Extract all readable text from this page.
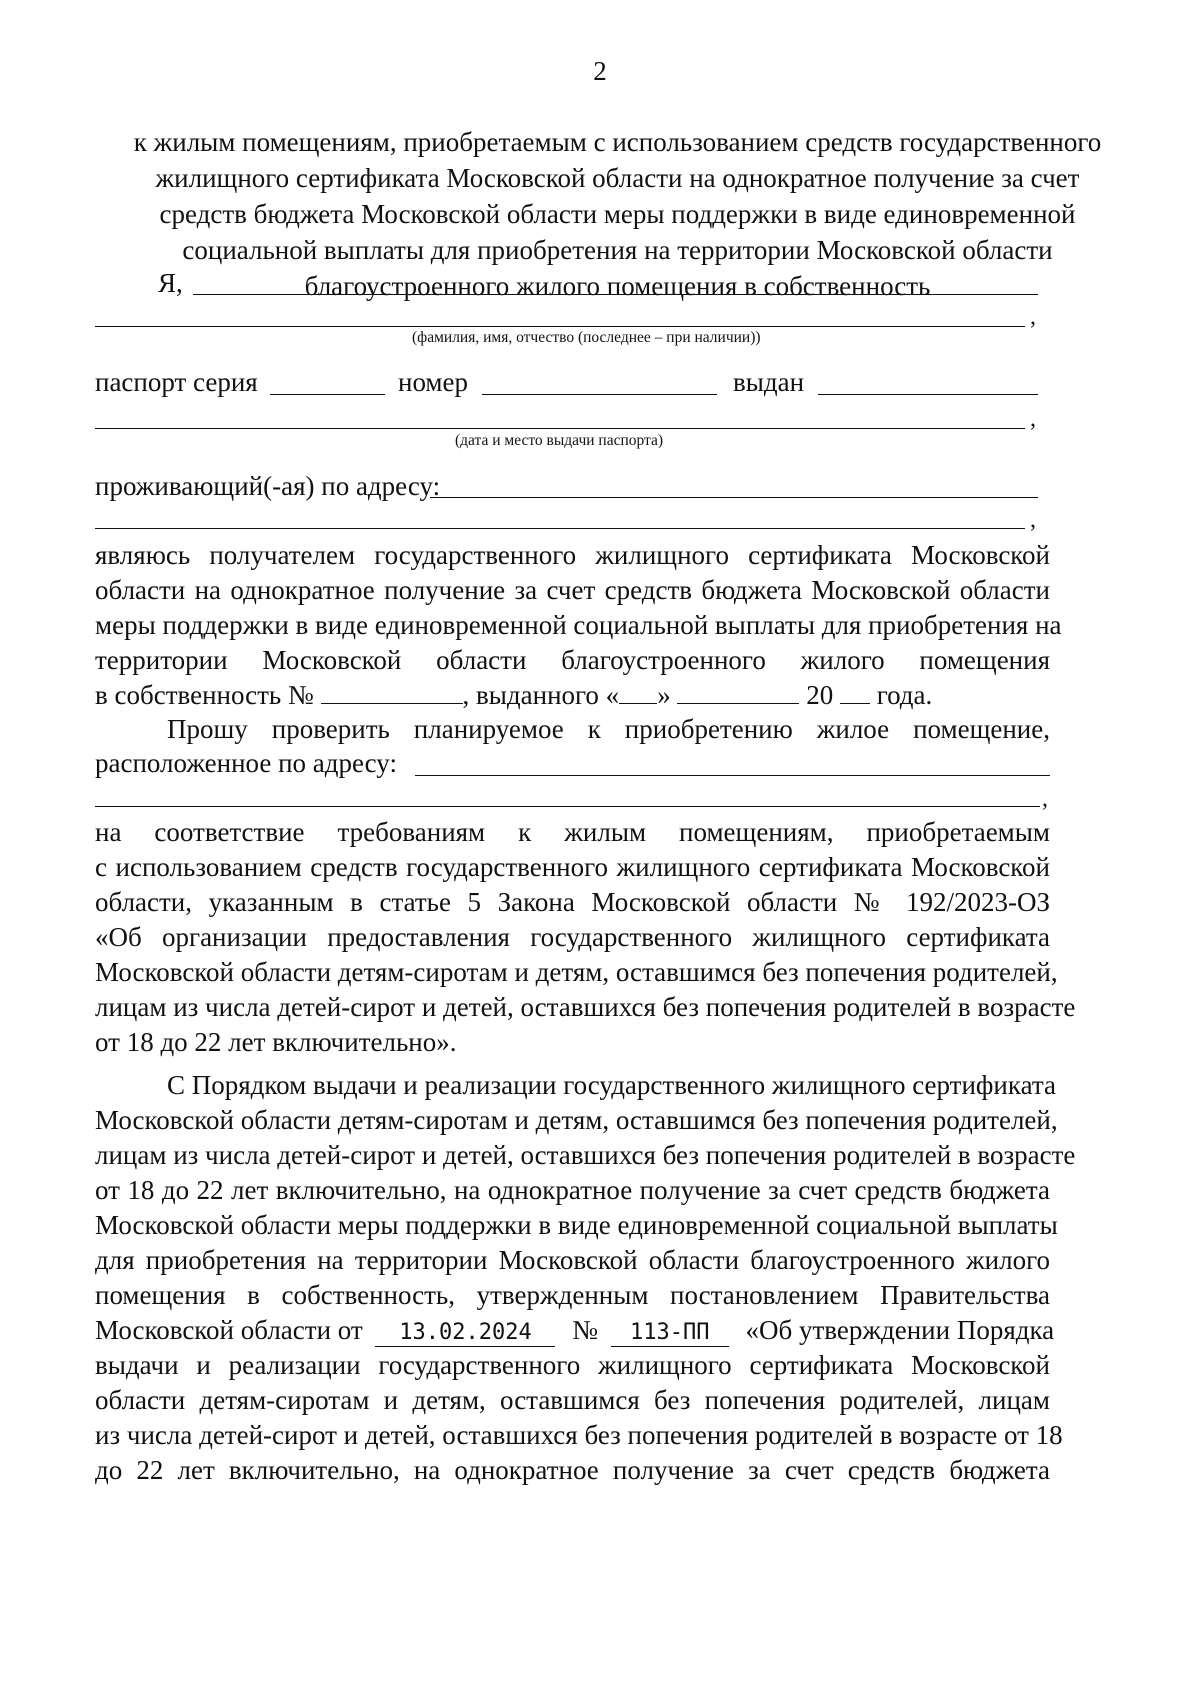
2
к жилым помещениям, приобретаемым с использованием средств государственного
жилищного сертификата Московской области на однократное получение за счет
средств бюджета Московской области меры поддержки в виде единовременной
социальной выплаты для приобретения на территории Московской области
благоустроенного жилого помещения в собственность
Я,
,
(фамилия, имя, отчество (последнее – при наличии))
паспорт серия	номер	выдан
,
(дата и место выдачи паспорта)
проживающий(-ая) по адресу:
,
являюсь получателем государственного жилищного сертификата Московской
области на однократное получение за счет средств бюджета Московской области
меры поддержки в виде единовременной социальной выплаты для приобретения на
территории Московской области благоустроенного жилого помещения
в собственность №	, выданного « »	20 года.
Прошу проверить планируемое к приобретению жилое помещение,
расположенное по адресу:
,
на соответствие требованиям к жилым помещениям, приобретаемым
с использованием средств государственного жилищного сертификата Московской
области, указанным в статье 5 Закона Московской области № 192/2023-ОЗ
«Об организации предоставления государственного жилищного сертификата
Московской области детям-сиротам и детям, оставшимся без попечения родителей,
лицам из числа детей-сирот и детей, оставшихся без попечения родителей в возрасте
от 18 до 22 лет включительно».
С Порядком выдачи и реализации государственного жилищного сертификата
Московской области детям-сиротам и детям, оставшимся без попечения родителей,
лицам из числа детей-сирот и детей, оставшихся без попечения родителей в возрасте
от 18 до 22 лет включительно, на однократное получение за счет средств бюджета
Московской области меры поддержки в виде единовременной социальной выплаты
для приобретения на территории Московской области благоустроенного жилого
помещения в собственность, утвержденным постановлением Правительства
Московской области от 13.02.2024 № 113-ПП «Об утверждении Порядка
выдачи и реализации государственного жилищного сертификата Московской
области детям-сиротам и детям, оставшимся без попечения родителей, лицам
из числа детей-сирот и детей, оставшихся без попечения родителей в возрасте от 18
до 22 лет включительно, на однократное получение за счет средств бюджета
